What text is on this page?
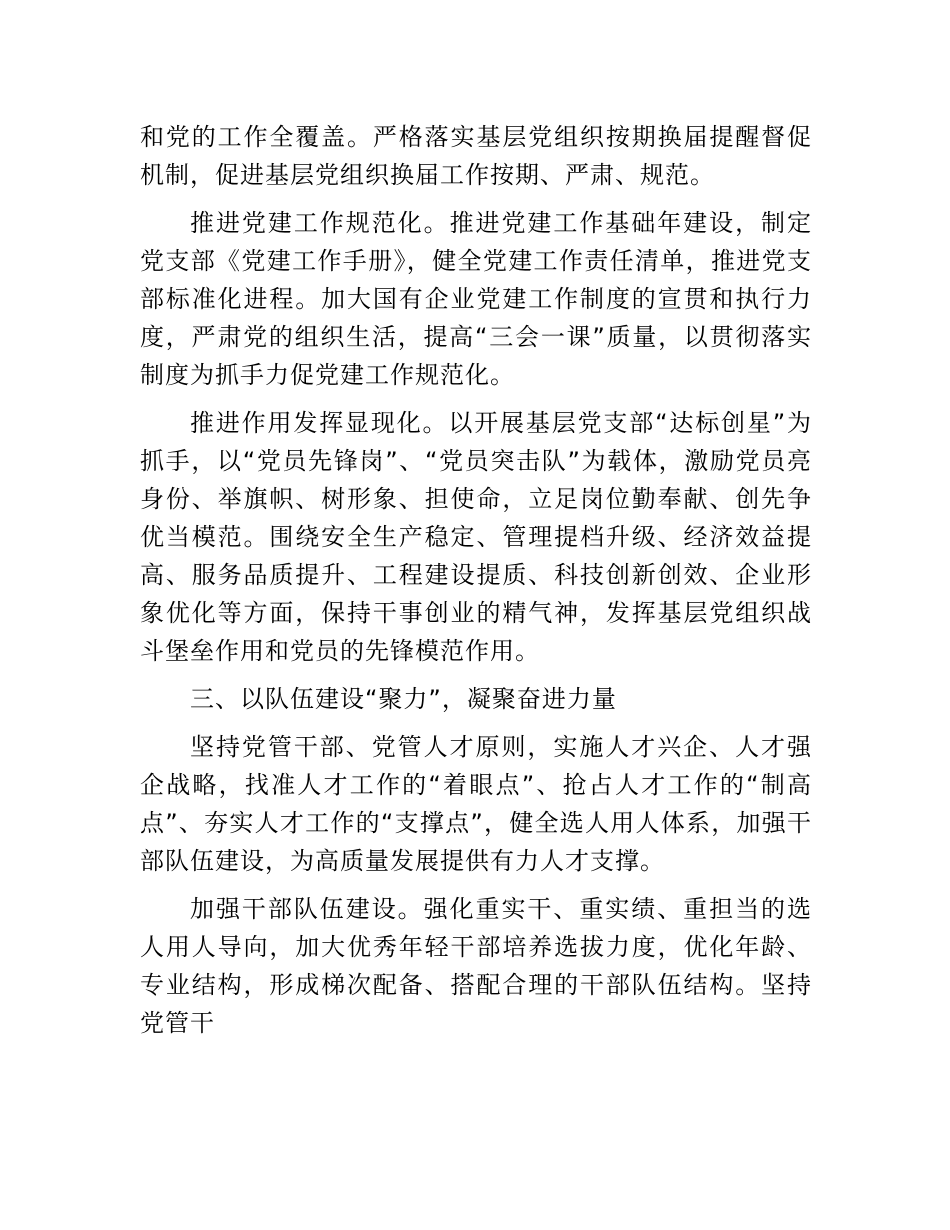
和党的工作全覆盖。严格落实基层党组织按期换届提醒督促机制，促进基层党组织换届工作按期、严肃、规范。

推进党建工作规范化。推进党建工作基础年建设，制定党支部《党建工作手册》，健全党建工作责任清单，推进党支部标准化进程。加大国有企业党建工作制度的宣贯和执行力度，严肃党的组织生活，提高“三会一课”质量，以贯彻落实制度为抓手力促党建工作规范化。

推进作用发挥显现化。以开展基层党支部“达标创星”为抓手，以“党员先锋岗”、“党员突击队”为载体，激励党员亮身份、举旗帜、树形象、担使命，立足岗位勤奉献、创先争优当模范。围绕安全生产稳定、管理提档升级、经济效益提高、服务品质提升、工程建设提质、科技创新创效、企业形象优化等方面，保持干事创业的精气神，发挥基层党组织战斗堡垒作用和党员的先锋模范作用。

三、以队伍建设“聚力”，凝聚奋进力量

坚持党管干部、党管人才原则，实施人才兴企、人才强企战略，找准人才工作的“着眼点”、抢占人才工作的“制高点”、夯实人才工作的“支撑点”，健全选人用人体系，加强干部队伍建设，为高质量发展提供有力人才支撑。

加强干部队伍建设。强化重实干、重实绩、重担当的选人用人导向，加大优秀年轻干部培养选拔力度，优化年龄、专业结构，形成梯次配备、搭配合理的干部队伍结构。坚持党管干
